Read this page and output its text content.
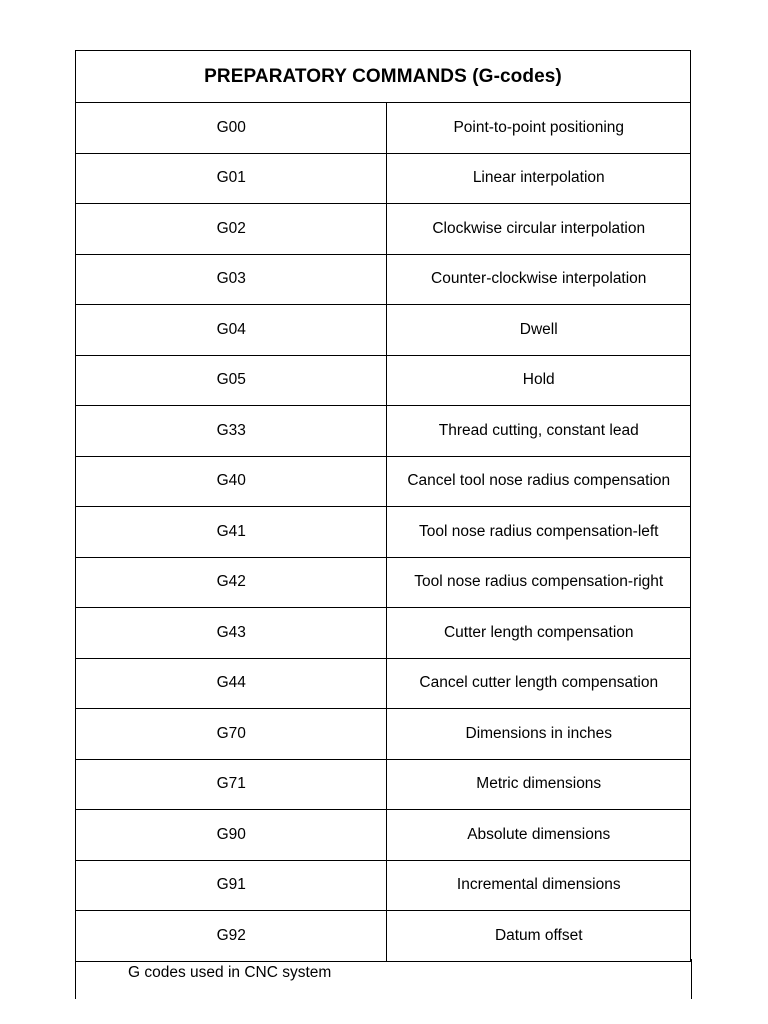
PREPARATORY COMMANDS (G-codes)	
G00	Point-to-point positioning
G01	Linear interpolation
G02	Clockwise circular interpolation
G03	Counter-clockwise interpolation
G04	Dwell
G05	Hold
G33	Thread cutting, constant lead
G40	Cancel tool nose radius compensation
G41	Tool nose radius compensation-left
G42	Tool nose radius compensation-right
G43	Cutter length compensation
G44	Cancel cutter length compensation
G70	Dimensions in inches
G71	Metric dimensions
G90	Absolute dimensions
G91	Incremental dimensions
G92	Datum offset
G codes used in CNC system
